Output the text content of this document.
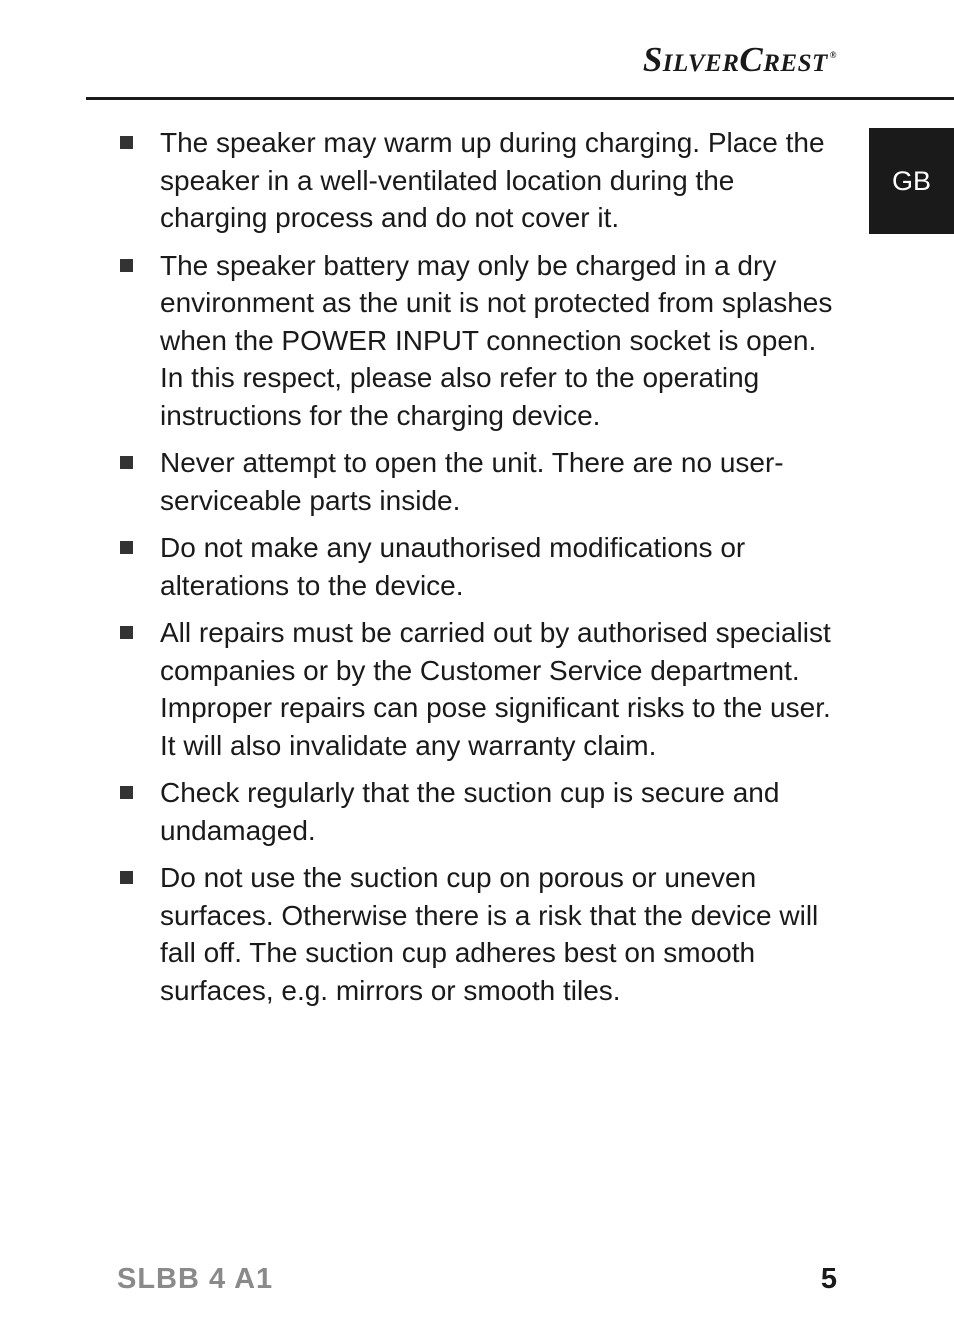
SilverCrest ®
GB
The speaker may warm up during charging. Place the speaker in a well-ventilated location during the charging process and do not cover it.
The speaker battery may only be charged in a dry environment as the unit is not protected from splashes when the POWER INPUT connection socket is open. In this respect, please also refer to the operating instructions for the charging device.
Never attempt to open the unit. There are no user-serviceable parts inside.
Do not make any unauthorised modifications or alterations to the device.
All repairs must be carried out by authorised specialist companies or by the Customer Service department. Improper repairs can pose significant risks to the user. It will also invalidate any warranty claim.
Check regularly that the suction cup is secure and undamaged.
Do not use the suction cup on porous or uneven surfaces. Otherwise there is a risk that the device will fall off. The suction cup adheres best on smooth surfaces, e.g. mirrors or smooth tiles.
SLBB 4 A1	5
